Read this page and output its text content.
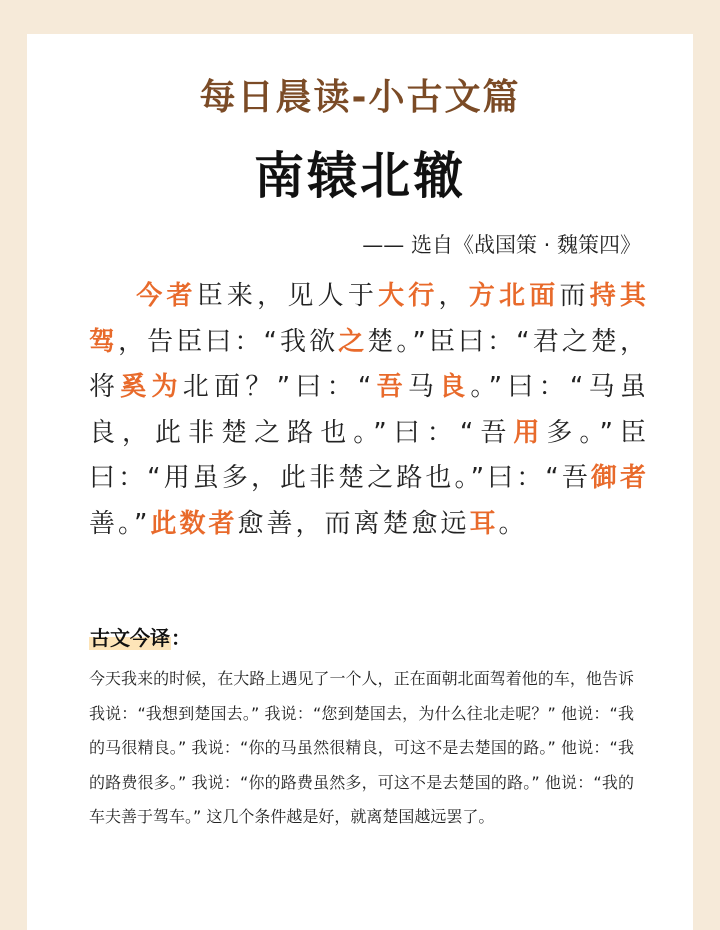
每日晨读-小古文篇
南辕北辙
—— 选自《战国策 · 魏策四》
今者臣来，见人于大行，方北面而持其驾，告臣曰：“我欲之楚。”臣曰：“君之楚，将奚为北面？”曰：“吾马良。”曰：“马虽良，此非楚之路也。”曰：“吾用多。”臣曰：“用虽多，此非楚之路也。”曰：“吾御者善。”此数者愈善，而离楚愈远耳。
古文今译：
今天我来的时候，在大路上遇见了一个人，正在面朝北面驾着他的车，他告诉我说：“我想到楚国去。” 我说：“您到楚国去，为什么往北走呢？” 他说：“我的马很精良。” 我说：“你的马虽然很精良，可这不是去楚国的路。” 他说：“我的路费很多。” 我说：“你的路费虽然多，可这不是去楚国的路。” 他说：“我的车夫善于驾车。” 这几个条件越是好，就离楚国越远罢了。
